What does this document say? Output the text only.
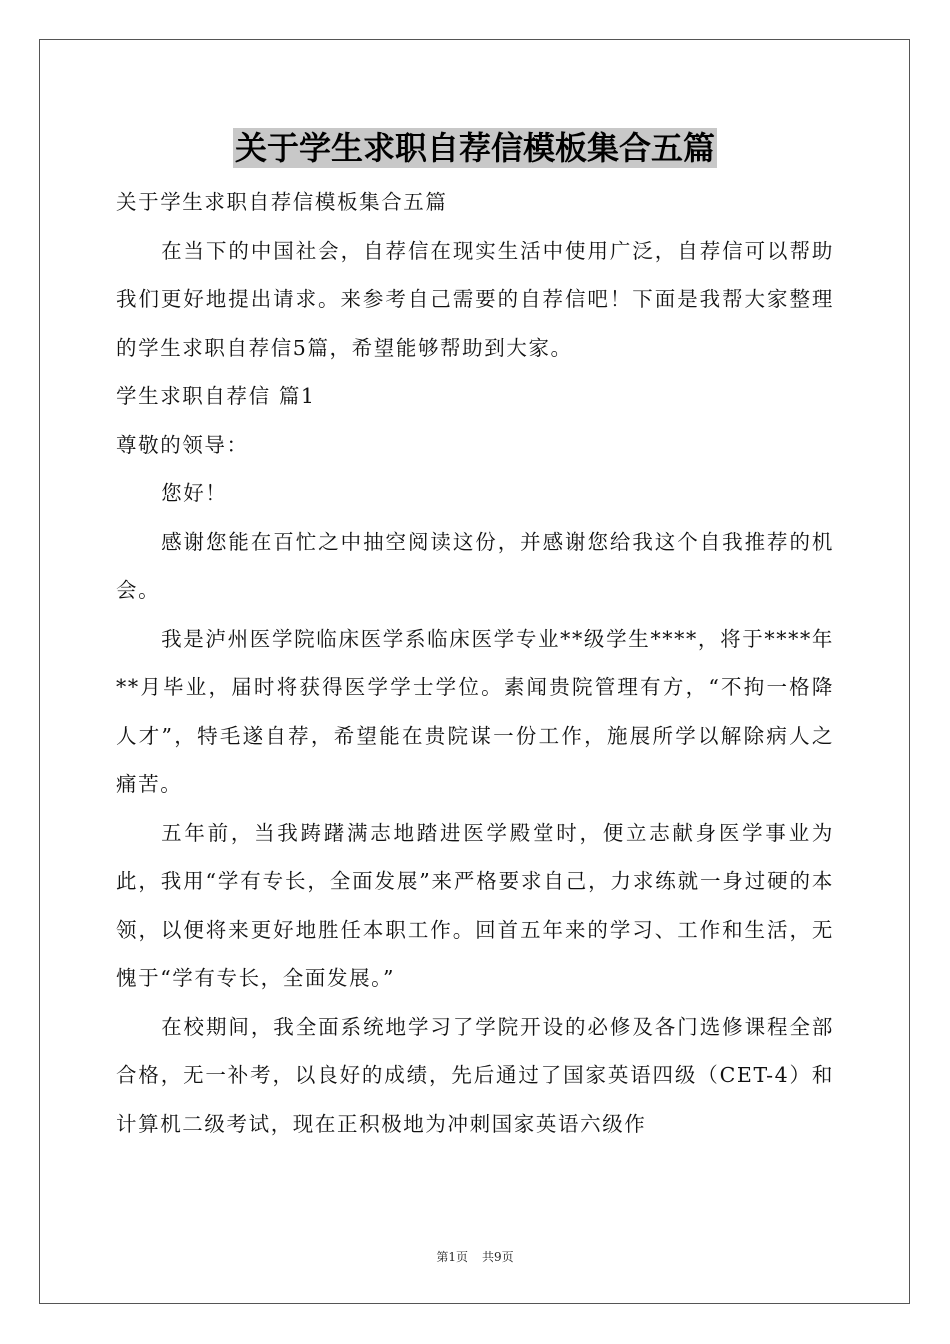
关于学生求职自荐信模板集合五篇

关于学生求职自荐信模板集合五篇

在当下的中国社会，自荐信在现实生活中使用广泛，自荐信可以帮助我们更好地提出请求。来参考自己需要的自荐信吧！下面是我帮大家整理的学生求职自荐信5篇，希望能够帮助到大家。

学生求职自荐信 篇1

尊敬的领导：

您好！

感谢您能在百忙之中抽空阅读这份，并感谢您给我这个自我推荐的机会。

我是泸州医学院临床医学系临床医学专业**级学生****，将于****年**月毕业，届时将获得医学学士学位。素闻贵院管理有方，“不拘一格降人才”，特毛遂自荐，希望能在贵院谋一份工作，施展所学以解除病人之痛苦。

五年前，当我踌躇满志地踏进医学殿堂时，便立志献身医学事业为此，我用“学有专长，全面发展”来严格要求自己，力求练就一身过硬的本领，以便将来更好地胜任本职工作。回首五年来的学习、工作和生活，无愧于“学有专长，全面发展。”

在校期间，我全面系统地学习了学院开设的必修及各门选修课程全部合格，无一补考，以良好的成绩，先后通过了国家英语四级（CET-4）和计算机二级考试，现在正积极地为冲刺国家英语六级作

第1页 共9页
